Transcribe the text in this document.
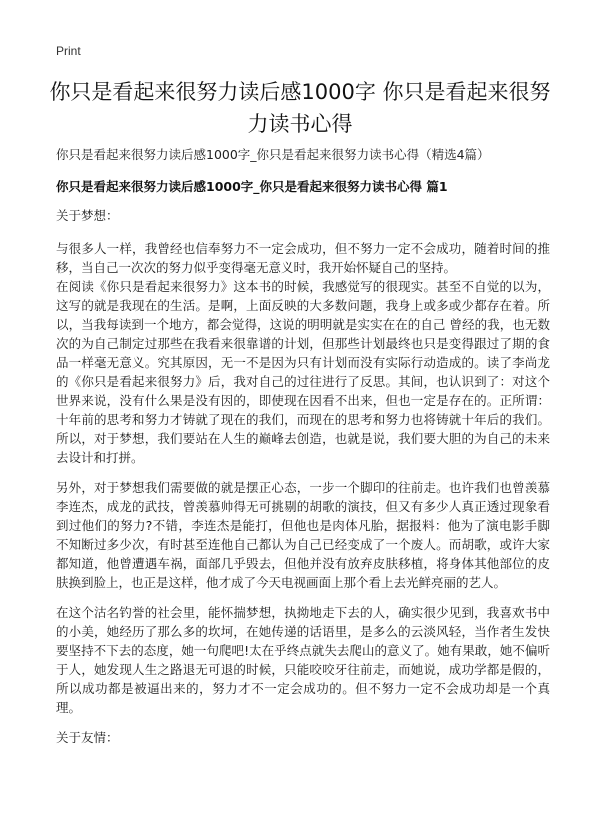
Print
你只是看起来很努力读后感1000字 你只是看起来很努力读书心得
你只是看起来很努力读后感1000字_你只是看起来很努力读书心得（精选4篇）
你只是看起来很努力读后感1000字_你只是看起来很努力读书心得 篇1

关于梦想：

与很多人一样，我曾经也信奉努力不一定会成功，但不努力一定不会成功，随着时间的推移，当自己一次次的努力似乎变得毫无意义时，我开始怀疑自己的坚持。

在阅读《你只是看起来很努力》这本书的时候，我感觉写的很现实。甚至不自觉的以为，这写的就是我现在的生活。是啊，上面反映的大多数问题，我身上或多或少都存在着。所以，当我每读到一个地方，都会觉得，这说的明明就是实实在在的自己 曾经的我，也无数次的为自己制定过那些在我看来很靠谱的计划，但那些计划最终也只是变得跟过了期的食品一样毫无意义。究其原因，无一不是因为只有计划而没有实际行动造成的。读了李尚龙的《你只是看起来很努力》后，我对自己的过往进行了反思。其间，也认识到了：对这个世界来说，没有什么果是没有因的，即使现在因看不出来，但也一定是存在的。正所谓：十年前的思考和努力才铸就了现在的我们，而现在的思考和努力也将铸就十年后的我们。所以，对于梦想，我们要站在人生的巅峰去创造，也就是说，我们要大胆的为自己的未来去设计和打拼。

另外，对于梦想我们需要做的就是摆正心态，一步一个脚印的往前走。也许我们也曾羡慕李连杰，成龙的武技，曾羡慕帅得无可挑剔的胡歌的演技，但又有多少人真正透过现象看到过他们的努力?不错，李连杰是能打，但他也是肉体凡胎，据报料：他为了演电影手脚不知断过多少次，有时甚至连他自己都认为自己已经变成了一个废人。而胡歌，或许大家都知道，他曾遭遇车祸，面部几乎毁去，但他并没有放弃皮肤移植，将身体其他部位的皮肤换到脸上，也正是这样，他才成了今天电视画面上那个看上去光鲜亮丽的艺人。

在这个沽名钓誉的社会里，能怀揣梦想，执拗地走下去的人，确实很少见到，我喜欢书中的小美，她经历了那么多的坎坷，在她传递的话语里，是多么的云淡风轻，当作者生发快要坚持不下去的态度，她一句爬吧!太在乎终点就失去爬山的意义了。她有果敢，她不偏听于人，她发现人生之路退无可退的时候，只能咬咬牙往前走，而她说，成功学都是假的，所以成功都是被逼出来的，努力才不一定会成功的。但不努力一定不会成功却是一个真理。

关于友情：
